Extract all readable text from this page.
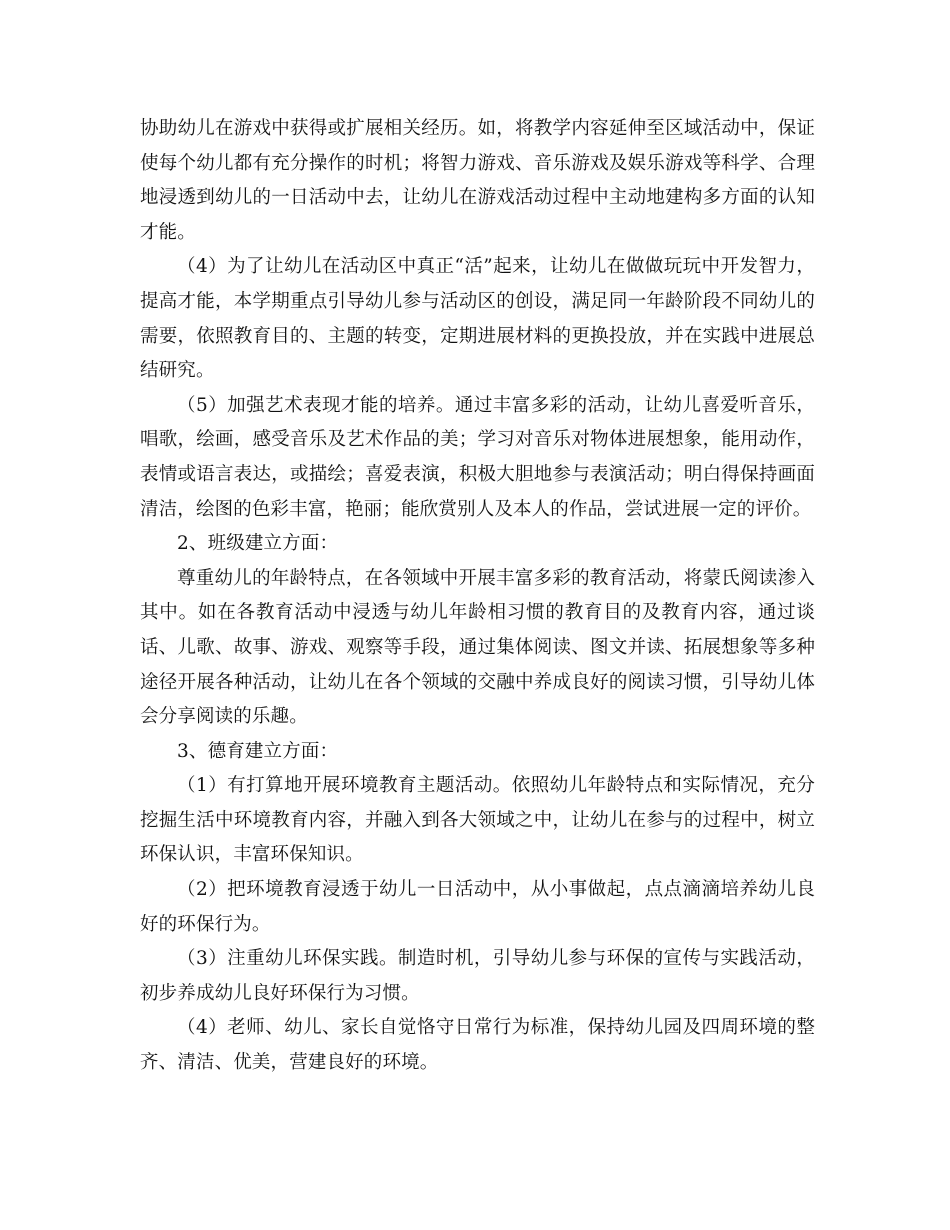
协助幼儿在游戏中获得或扩展相关经历。如，将教学内容延伸至区域活动中，保证使每个幼儿都有充分操作的时机；将智力游戏、音乐游戏及娱乐游戏等科学、合理地浸透到幼儿的一日活动中去，让幼儿在游戏活动过程中主动地建构多方面的认知才能。

（4）为了让幼儿在活动区中真正“活”起来，让幼儿在做做玩玩中开发智力，提高才能，本学期重点引导幼儿参与活动区的创设，满足同一年龄阶段不同幼儿的需要，依照教育目的、主题的转变，定期进展材料的更换投放，并在实践中进展总结研究。

（5）加强艺术表现才能的培养。通过丰富多彩的活动，让幼儿喜爱听音乐，唱歌，绘画，感受音乐及艺术作品的美；学习对音乐对物体进展想象，能用动作，表情或语言表达，或描绘；喜爱表演，积极大胆地参与表演活动；明白得保持画面清洁，绘图的色彩丰富，艳丽；能欣赏别人及本人的作品，尝试进展一定的评价。

2、班级建立方面：

尊重幼儿的年龄特点，在各领域中开展丰富多彩的教育活动，将蒙氏阅读渗入其中。如在各教育活动中浸透与幼儿年龄相习惯的教育目的及教育内容，通过谈话、儿歌、故事、游戏、观察等手段，通过集体阅读、图文并读、拓展想象等多种途径开展各种活动，让幼儿在各个领域的交融中养成良好的阅读习惯，引导幼儿体会分享阅读的乐趣。

3、德育建立方面：

（1）有打算地开展环境教育主题活动。依照幼儿年龄特点和实际情况，充分挖掘生活中环境教育内容，并融入到各大领域之中，让幼儿在参与的过程中，树立环保认识，丰富环保知识。

（2）把环境教育浸透于幼儿一日活动中，从小事做起，点点滴滴培养幼儿良好的环保行为。

（3）注重幼儿环保实践。制造时机，引导幼儿参与环保的宣传与实践活动，初步养成幼儿良好环保行为习惯。

（4）老师、幼儿、家长自觉恪守日常行为标准，保持幼儿园及四周环境的整齐、清洁、优美，营建良好的环境。
